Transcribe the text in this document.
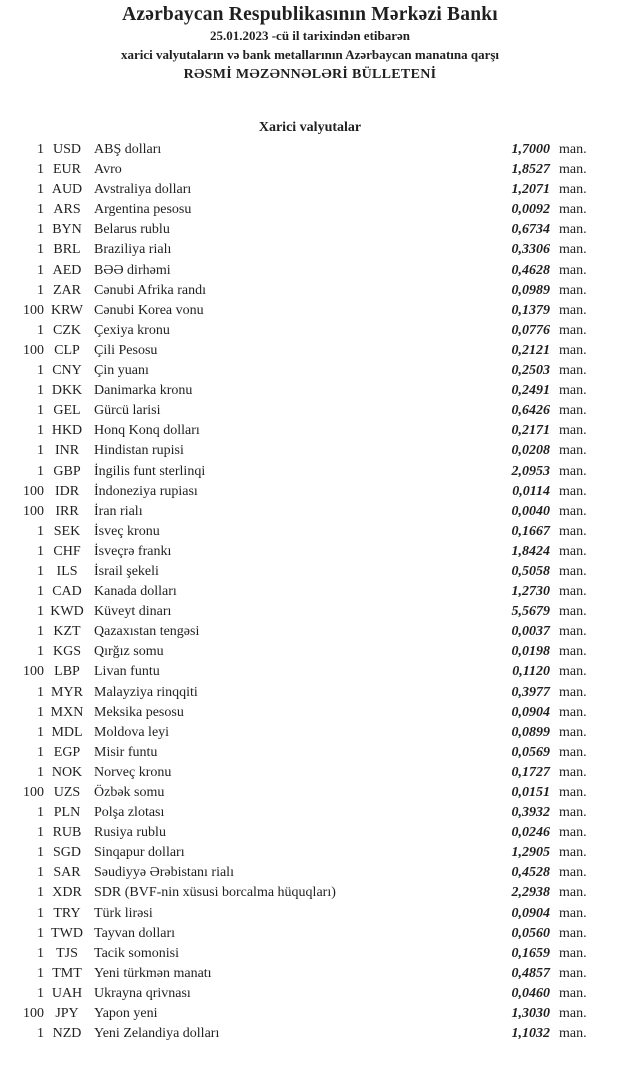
Azərbaycan Respublikasının Mərkəzi Bankı
25.01.2023 -cü il tarixindən etibarən
xarici valyutaların və bank metallarının Azərbaycan manatına qarşı
RƏSMİ MƏZƏNNƏLƏRİ BÜLLETENİ
Xarici valyutalar
1 USD ABŞ dolları	1,7000 man.
1 EUR Avro	1,8527 man.
1 AUD Avstraliya dolları	1,2071 man.
1 ARS Argentina pesosu	0,0092 man.
1 BYN Belarus rublu	0,6734 man.
1 BRL Braziliya rialı	0,3306 man.
1 AED BƏƏ dirhəmi	0,4628 man.
1 ZAR Cənubi Afrika randı	0,0989 man.
100 KRW Cənubi Korea vonu	0,1379 man.
1 CZK Çexiya kronu	0,0776 man.
100 CLP	Çili Pesosu	0,2121 man.
1 CNY Çin yuanı	0,2503 man.
1 DKK Danimarka kronu	0,2491 man.
1 GEL Gürcü larisi	0,6426 man.
1 HKD Honq Konq dolları	0,2171 man.
1 INR	Hindistan rupisi	0,0208 man.
1 GBP İngilis funt sterlinqi	2,0953 man.
100 IDR	İndoneziya rupiası	0,0114 man.
100 IRR	İran rialı	0,0040 man.
1 SEK İsveç kronu	0,1667 man.
1 CHF İsveçrə frankı	1,8424 man.
1 ILS	İsrail şekeli	0,5058 man.
1 CAD Kanada dolları	1,2730 man.
1 KWD Küveyt dinarı	5,5679 man.
1 KZT Qazaxıstan tengəsi	0,0037 man.
1 KGS Qırğız somu	0,0198 man.
100 LBP	Livan funtu	0,1120 man.
1 MYR Malayziya rinqqiti	0,3977 man.
1 MXN Meksika pesosu	0,0904 man.
1 MDL Moldova leyi	0,0899 man.
1 EGP Misir funtu	0,0569 man.
1 NOK Norveç kronu	0,1727 man.
100 UZS Özbək somu	0,0151 man.
1 PLN Polşa zlotası	0,3932 man.
1 RUB Rusiya rublu	0,0246 man.
1 SGD Sinqapur dolları	1,2905 man.
1 SAR Səudiyyə Ərəbistanı rialı	0,4528 man.
1 XDR SDR (BVF-nin xüsusi borcalma hüquqları)	2,2938 man.
1 TRY Türk lirəsi	0,0904 man.
1 TWD Tayvan dolları	0,0560 man.
1 TJS	Tacik somonisi	0,1659 man.
1 TMT Yeni türkmən manatı	0,4857 man.
1 UAH Ukrayna qrivnası	0,0460 man.
100 JPY	Yapon yeni	1,3030 man.
1 NZD Yeni Zelandiya dolları	1,1032 man.
